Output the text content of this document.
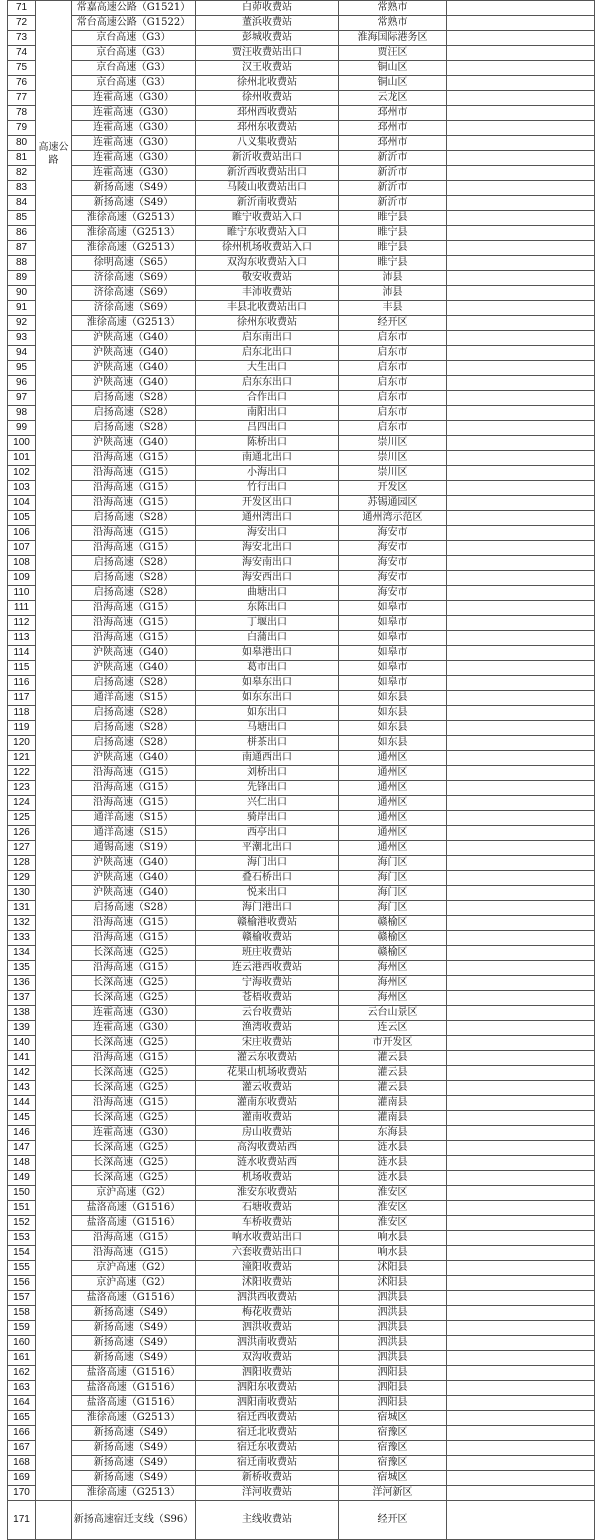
71	高速公路	常嘉高速公路（G1521）	白茆收费站	常熟市	
72		常台高速公路（G1522）	董浜收费站	常熟市	
73		京台高速（G3）	彭城收费站	淮海国际港务区	
74		京台高速（G3）	贾汪收费站出口	贾汪区	
75		京台高速（G3）	汉王收费站	铜山区	
76		京台高速（G3）	徐州北收费站	铜山区	
77		连霍高速（G30）	徐州收费站	云龙区	
78		连霍高速（G30）	邳州西收费站	邳州市	
79		连霍高速（G30）	邳州东收费站	邳州市	
80		连霍高速（G30）	八义集收费站	邳州市	
81		连霍高速（G30）	新沂收费站出口	新沂市	
82		连霍高速（G30）	新沂西收费站出口	新沂市	
83		新扬高速（S49）	马陵山收费站出口	新沂市	
84		新扬高速（S49）	新沂南收费站	新沂市	
85		淮徐高速（G2513）	睢宁收费站入口	睢宁县	
86		淮徐高速（G2513）	睢宁东收费站入口	睢宁县	
87		淮徐高速（G2513）	徐州机场收费站入口	睢宁县	
88		徐明高速（S65）	双沟东收费站入口	睢宁县	
89		济徐高速（S69）	敬安收费站	沛县	
90		济徐高速（S69）	丰沛收费站	沛县	
91		济徐高速（S69）	丰县北收费站出口	丰县	
92		淮徐高速（G2513）	徐州东收费站	经开区	
93		沪陕高速（G40）	启东南出口	启东市	
94		沪陕高速（G40）	启东北出口	启东市	
95		沪陕高速（G40）	大生出口	启东市	
96		沪陕高速（G40）	启东东出口	启东市	
97		启扬高速（S28）	合作出口	启东市	
98		启扬高速（S28）	南阳出口	启东市	
99		启扬高速（S28）	吕四出口	启东市	
100		沪陕高速（G40）	陈桥出口	崇川区	
101		沿海高速（G15）	南通北出口	崇川区	
102		沿海高速（G15）	小海出口	崇川区	
103		沿海高速（G15）	竹行出口	开发区	
104		沿海高速（G15）	开发区出口	苏锡通园区	
105		启扬高速（S28）	通州湾出口	通州湾示范区	
106		沿海高速（G15）	海安出口	海安市	
107		沿海高速（G15）	海安北出口	海安市	
108		启扬高速（S28）	海安南出口	海安市	
109		启扬高速（S28）	海安西出口	海安市	
110		启扬高速（S28）	曲塘出口	海安市	
111		沿海高速（G15）	东陈出口	如皋市	
112		沿海高速（G15）	丁堰出口	如皋市	
113		沿海高速（G15）	白蒲出口	如皋市	
114		沪陕高速（G40）	如皋港出口	如皋市	
115		沪陕高速（G40）	葛市出口	如皋市	
116		启扬高速（S28）	如皋东出口	如皋市	
117		通洋高速（S15）	如东东出口	如东县	
118		启扬高速（S28）	如东出口	如东县	
119		启扬高速（S28）	马塘出口	如东县	
120		启扬高速（S28）	栟茶出口	如东县	
121		沪陕高速（G40）	南通西出口	通州区	
122		沿海高速（G15）	刘桥出口	通州区	
123		沿海高速（G15）	先锋出口	通州区	
124		沿海高速（G15）	兴仁出口	通州区	
125		通洋高速（S15）	骑岸出口	通州区	
126		通洋高速（S15）	西亭出口	通州区	
127		通锡高速（S19）	平潮北出口	通州区	
128		沪陕高速（G40）	海门出口	海门区	
129		沪陕高速（G40）	叠石桥出口	海门区	
130		沪陕高速（G40）	悦来出口	海门区	
131		启扬高速（S28）	海门港出口	海门区	
132		沿海高速（G15）	赣榆港收费站	赣榆区	
133		沿海高速（G15）	赣榆收费站	赣榆区	
134		长深高速（G25）	班庄收费站	赣榆区	
135		沿海高速（G15）	连云港西收费站	海州区	
136		长深高速（G25）	宁海收费站	海州区	
137		长深高速（G25）	苍梧收费站	海州区	
138		连霍高速（G30）	云台收费站	云台山景区	
139		连霍高速（G30）	渔湾收费站	连云区	
140		长深高速（G25）	宋庄收费站	市开发区	
141		沿海高速（G15）	灌云东收费站	灌云县	
142		长深高速（G25）	花果山机场收费站	灌云县	
143		长深高速（G25）	灌云收费站	灌云县	
144		沿海高速（G15）	灌南东收费站	灌南县	
145		长深高速（G25）	灌南收费站	灌南县	
146		连霍高速（G30）	房山收费站	东海县	
147		长深高速（G25）	高沟收费站西	涟水县	
148		长深高速（G25）	涟水收费站西	涟水县	
149		长深高速（G25）	机场收费站	涟水县	
150		京沪高速（G2）	淮安东收费站	淮安区	
151		盐洛高速（G1516）	石塘收费站	淮安区	
152		盐洛高速（G1516）	车桥收费站	淮安区	
153		沿海高速（G15）	响水收费站出口	响水县	
154		沿海高速（G15）	六套收费站出口	响水县	
155		京沪高速（G2）	潼阳收费站	沭阳县	
156		京沪高速（G2）	沭阳收费站	沭阳县	
157		盐洛高速（G1516）	泗洪西收费站	泗洪县	
158		新扬高速（S49）	梅花收费站	泗洪县	
159		新扬高速（S49）	泗洪收费站	泗洪县	
160		新扬高速（S49）	泗洪南收费站	泗洪县	
161		新扬高速（S49）	双沟收费站	泗洪县	
162		盐洛高速（G1516）	泗阳收费站	泗阳县	
163		盐洛高速（G1516）	泗阳东收费站	泗阳县	
164		盐洛高速（G1516）	泗阳南收费站	泗阳县	
165		淮徐高速（G2513）	宿迁西收费站	宿城区	
166		新扬高速（S49）	宿迁北收费站	宿豫区	
167		新扬高速（S49）	宿迁东收费站	宿豫区	
168		新扬高速（S49）	宿迁南收费站	宿豫区	
169		新扬高速（S49）	新桥收费站	宿城区	
170		淮徐高速（G2513）	洋河收费站	洋河新区	
171		新扬高速宿迁支线（S96）	主线收费站	经开区	
